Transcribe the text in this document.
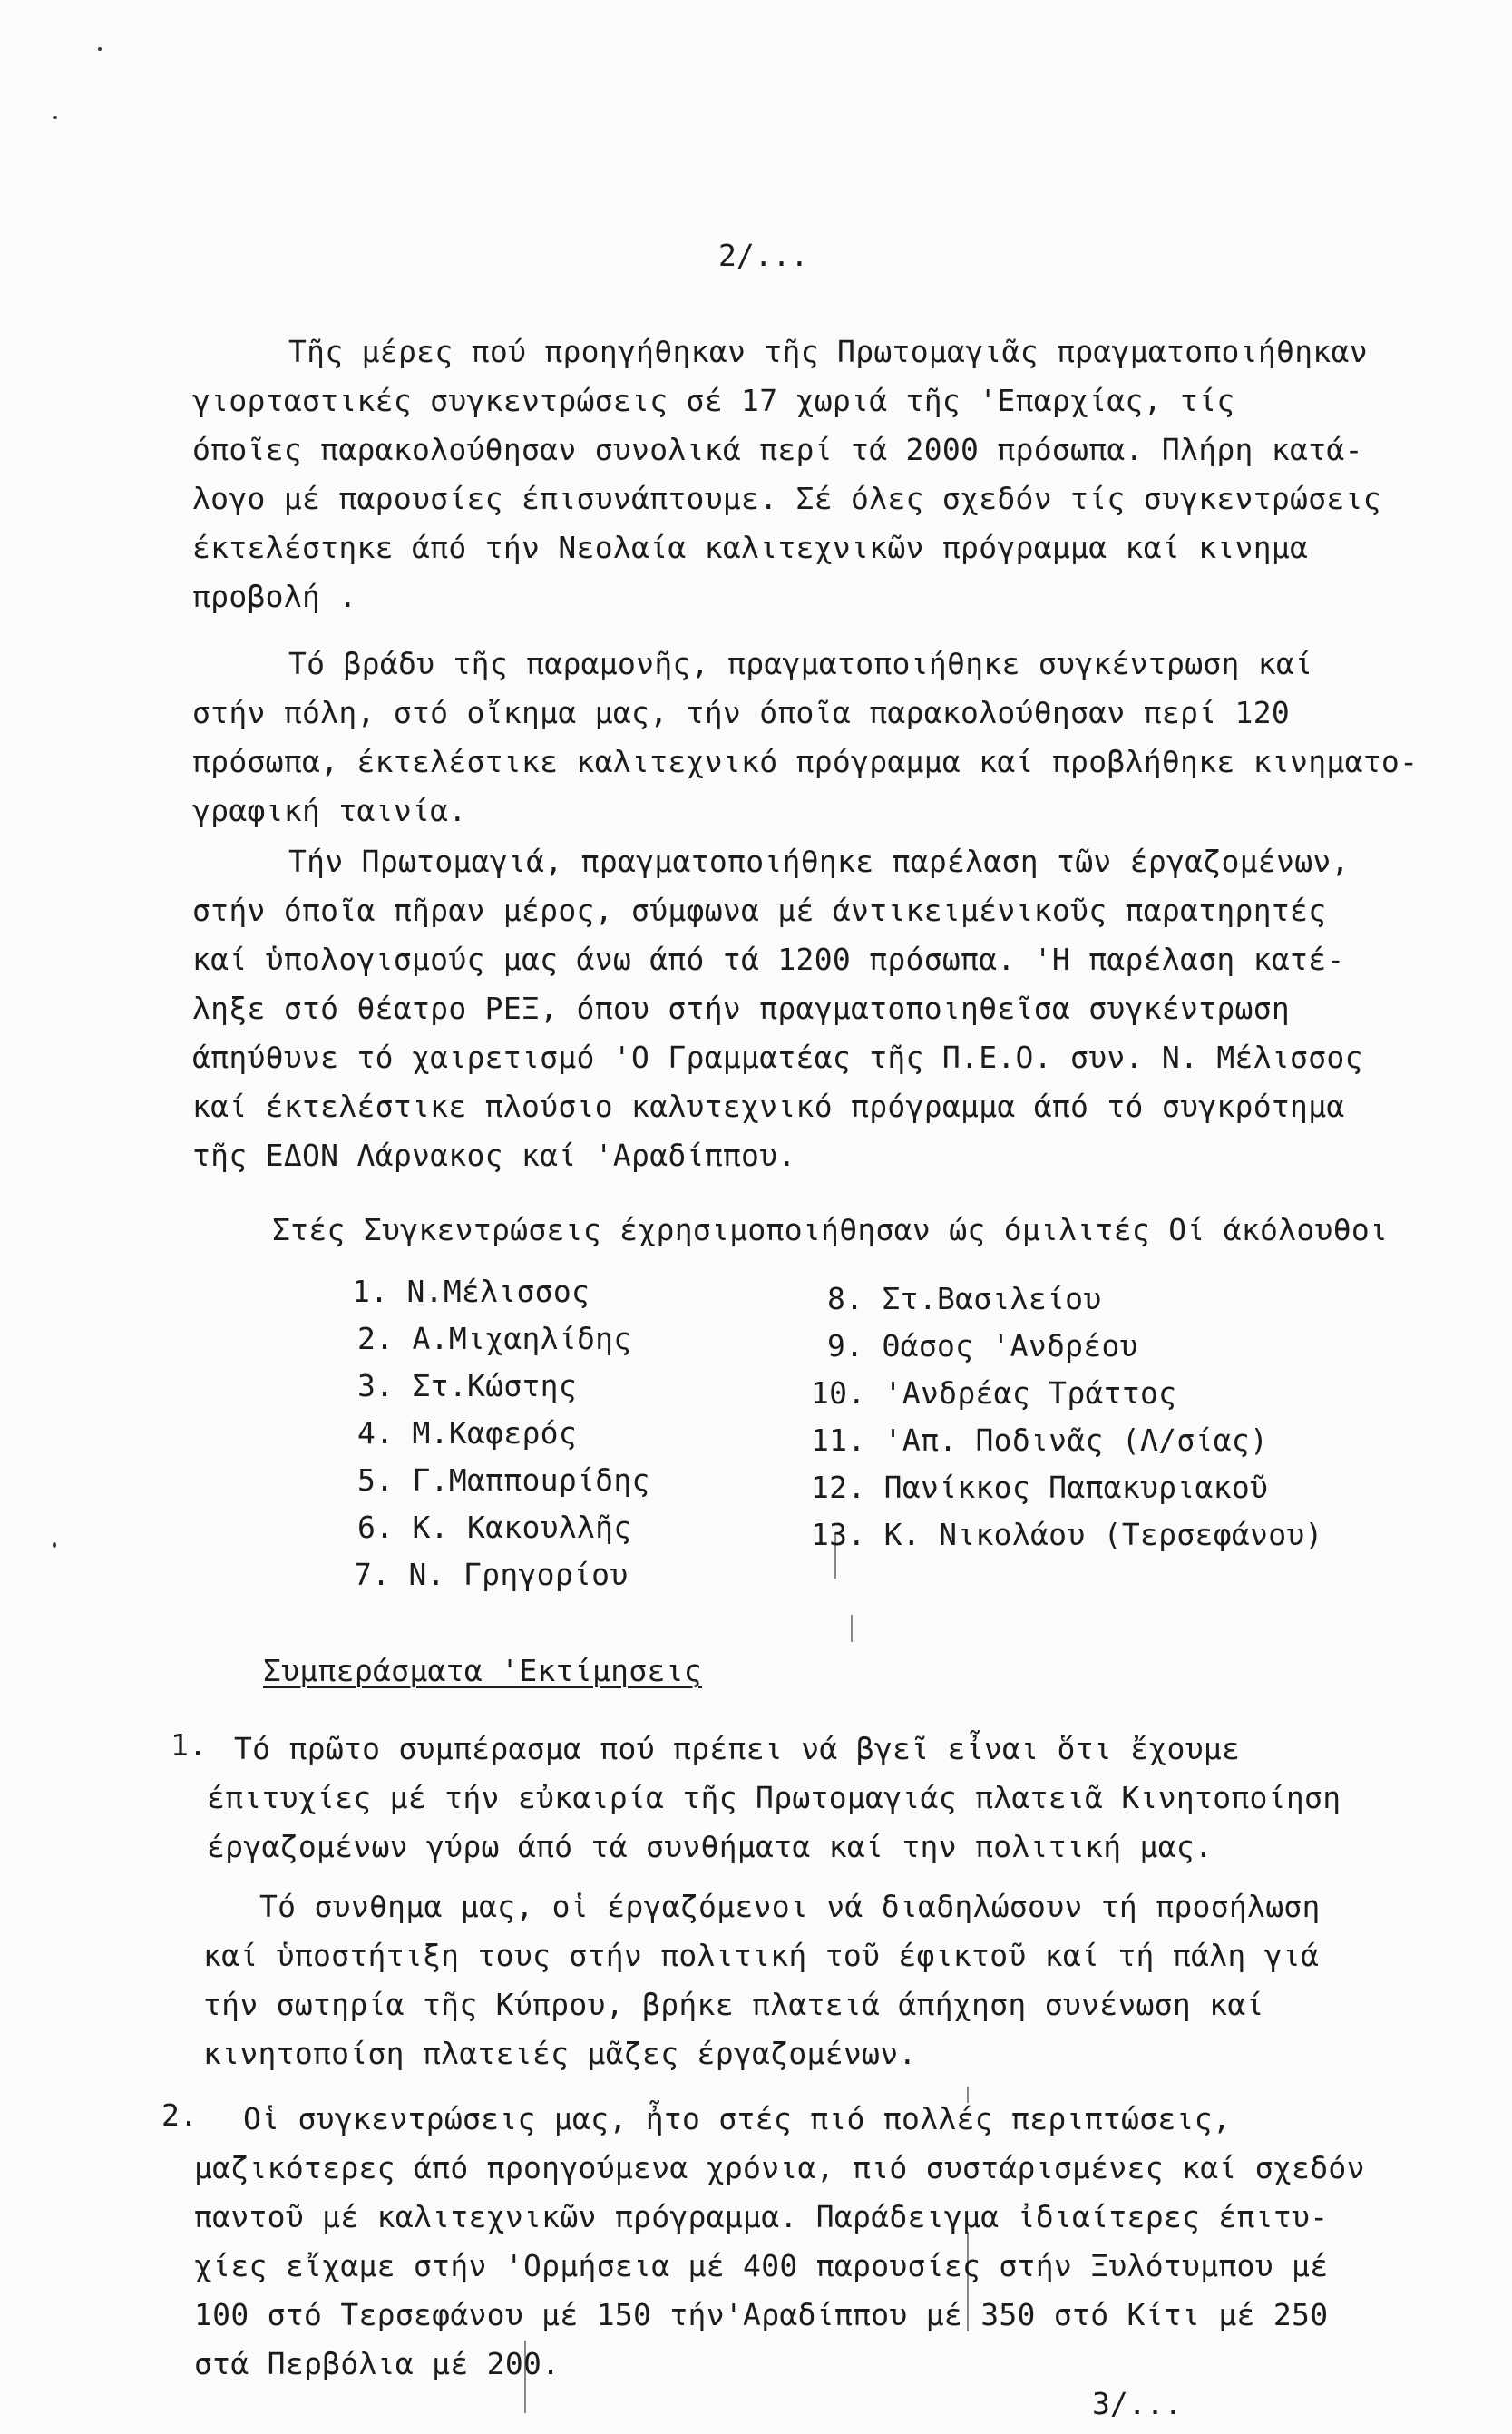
2/...
Τῆς μέρες πού προηγήθηκαν τῆς Πρωτομαγιᾶς πραγματοποιήθηκαν
γιορταστικές συγκεντρώσεις σέ 17 χωριά τῆς 'Επαρχίας, τίς
όποῖες παρακολούθησαν συνολικά περί τά 2000 πρόσωπα. Πλήρη κατά-
λογο μέ παρουσίες έπισυνάπτουμε. Σέ όλες σχεδόν τίς συγκεντρώσεις
έκτελέστηκε άπό τήν Νεολαία καλιτεχνικῶν πρόγραμμα καί κινημα
προβολή .
Τό βράδυ τῆς παραμονῆς, πραγματοποιήθηκε συγκέντρωση καί
στήν πόλη, στό οἴκημα μας, τήν όποῖα παρακολούθησαν περί 120
πρόσωπα, έκτελέστικε καλιτεχνικό πρόγραμμα καί προβλήθηκε κινηματο-
γραφική ταινία.
Τήν Πρωτομαγιά, πραγματοποιήθηκε παρέλαση τῶν έργαζομένων,
στήν όποῖα πῆραν μέρος, σύμφωνα μέ άντικειμένικοῦς παρατηρητές
καί ὑπολογισμούς μας άνω άπό τά 1200 πρόσωπα. 'Η παρέλαση κατέ-
ληξε στό θέατρο ΡΕΞ, όπου στήν πραγματοποιηθεῖσα συγκέντρωση
άπηύθυνε τό χαιρετισμό 'Ο Γραμματέας τῆς Π.Ε.Ο. συν. Ν. Μέλισσος
καί έκτελέστικε πλούσιο καλυτεχνικό πρόγραμμα άπό τό συγκρότημα
τῆς ΕΔΟΝ Λάρνακος καί 'Αραδίππου.
Στές Συγκεντρώσεις έχρησιμοποιήθησαν ώς όμιλιτές Οί άκόλουθοι
1. Ν.Μέλισσος
2. Α.Μιχαηλίδης
3. Στ.Κώστης
4. Μ.Καφερός
5. Γ.Μαπποuρίδης
6. Κ. Κακουλλῆς
7. Ν. Γρηγορίου
8. Στ.Βασιλείου
9. Θάσος 'Ανδρέου
10. 'Ανδρέας Τράττος
11. 'Απ. Ποδινᾶς (Λ/σίας)
12. Πανίκκος Παπακυριακοῦ
13. Κ. Νικολάου (Τερσεφάνου)
Συμπεράσματα 'Εκτίμησεις
1. Τό πρῶτο συμπέρασμα πού πρέπει νά βγεῖ εἶναι ὅτι ἔχουμε
έπιτυχίες μέ τήν εὐκαιρία τῆς Πρωτομαγιάς πλατειᾶ Κινητοποίηση
έργαζομένων γύρω άπό τά συνθήματα καί την πολιτική μας.
Τό συνθημα μας, οἱ έργαζόμενοι νά διαδηλώσουν τή προσήλωση
καί ὑποστήτιξη τους στήν πολιτική τοῦ έφικτοῦ καί τή πάλη γιά
τήν σωτηρία τῆς Κύπρου, βρήκε πλατειά άπήχηση συνένωση καί
κινητοποίση πλατειές μᾶζες έργαζομένων.
2. Οἱ συγκεντρώσεις μας, ἦτο στές πιό πολλές περιπτώσεις,
μαζικότερες άπό προηγούμενα χρόνια, πιό συστάρισμένες καί σχεδόν
παντοῦ μέ καλιτεχνικῶν πρόγραμμα. Παράδειγμα ἰδιαίτερες έπιτυ-
χίες εἴχαμε στήν 'Ορμήσεια μέ 400 παρουσίες στήν Ξυλότυμπου μέ
100 στό Τερσεφάνου μέ 150 τήν'Αραδίππου μέ 350 στό Κίτι μέ 250
στά Περβόλια μέ 200.
3/...
